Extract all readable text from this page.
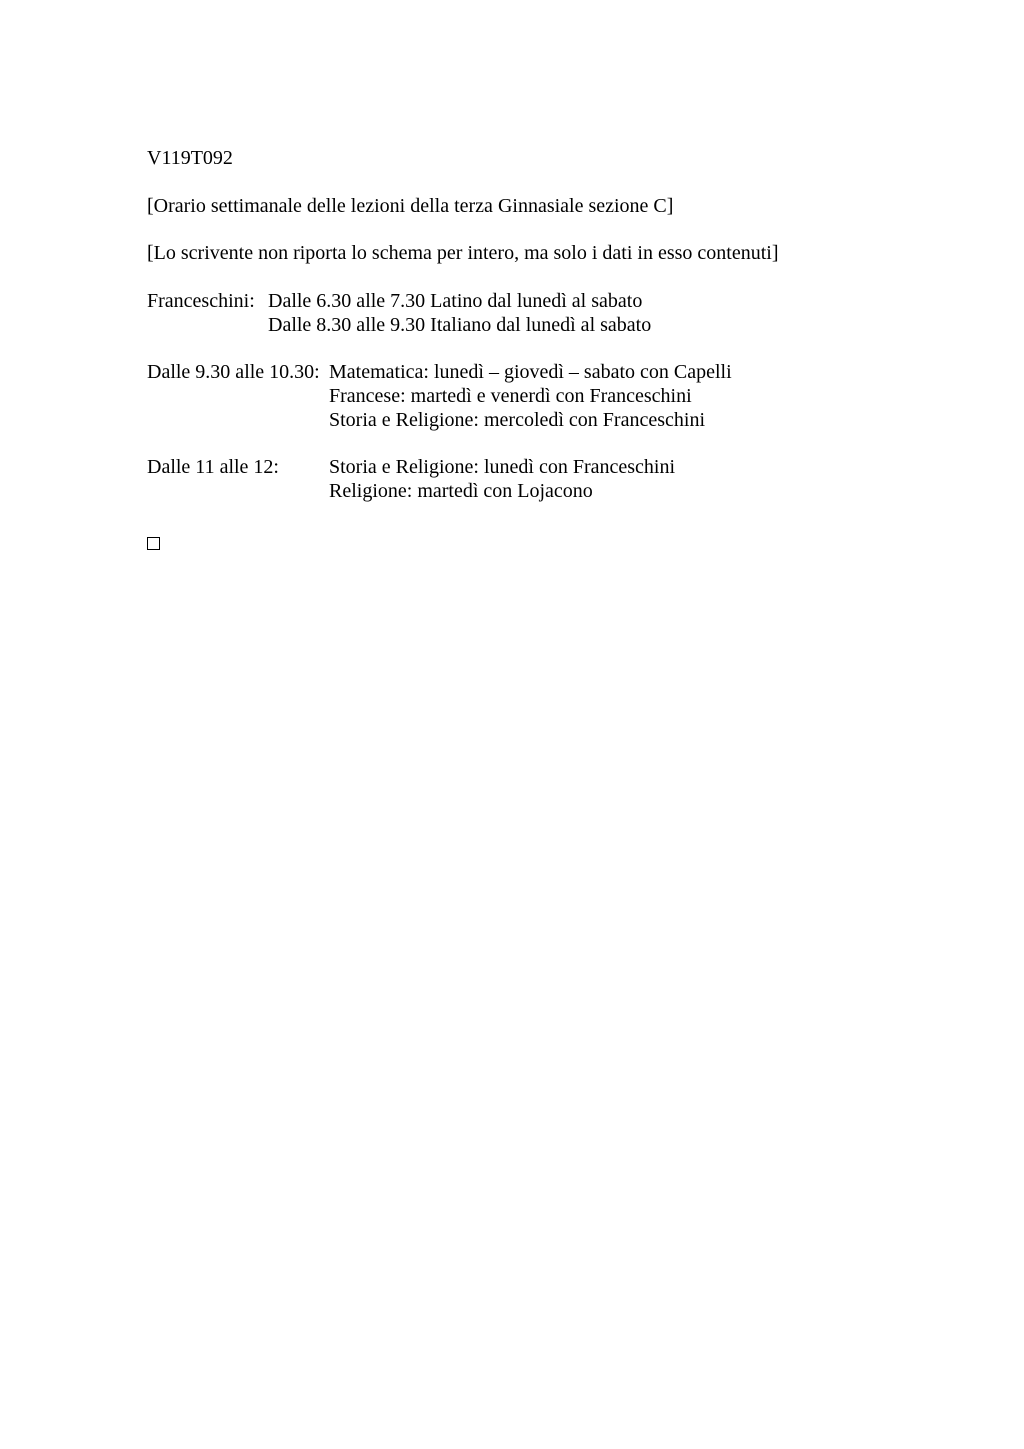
V119T092
[Orario settimanale delle lezioni della terza Ginnasiale sezione C]
[Lo scrivente non riporta lo schema per intero, ma solo i dati in esso contenuti]
Franceschini: Dalle 6.30 alle 7.30 Latino dal lunedì al sabato
Dalle 8.30 alle 9.30 Italiano dal lunedì al sabato
Dalle 9.30 alle 10.30: Matematica: lunedì – giovedì – sabato con Capelli
Francese: martedì e venerdì con Franceschini
Storia e Religione: mercoledì con Franceschini
Dalle 11 alle 12:	Storia e Religione: lunedì con Franceschini
Religione: martedì con Lojacono
